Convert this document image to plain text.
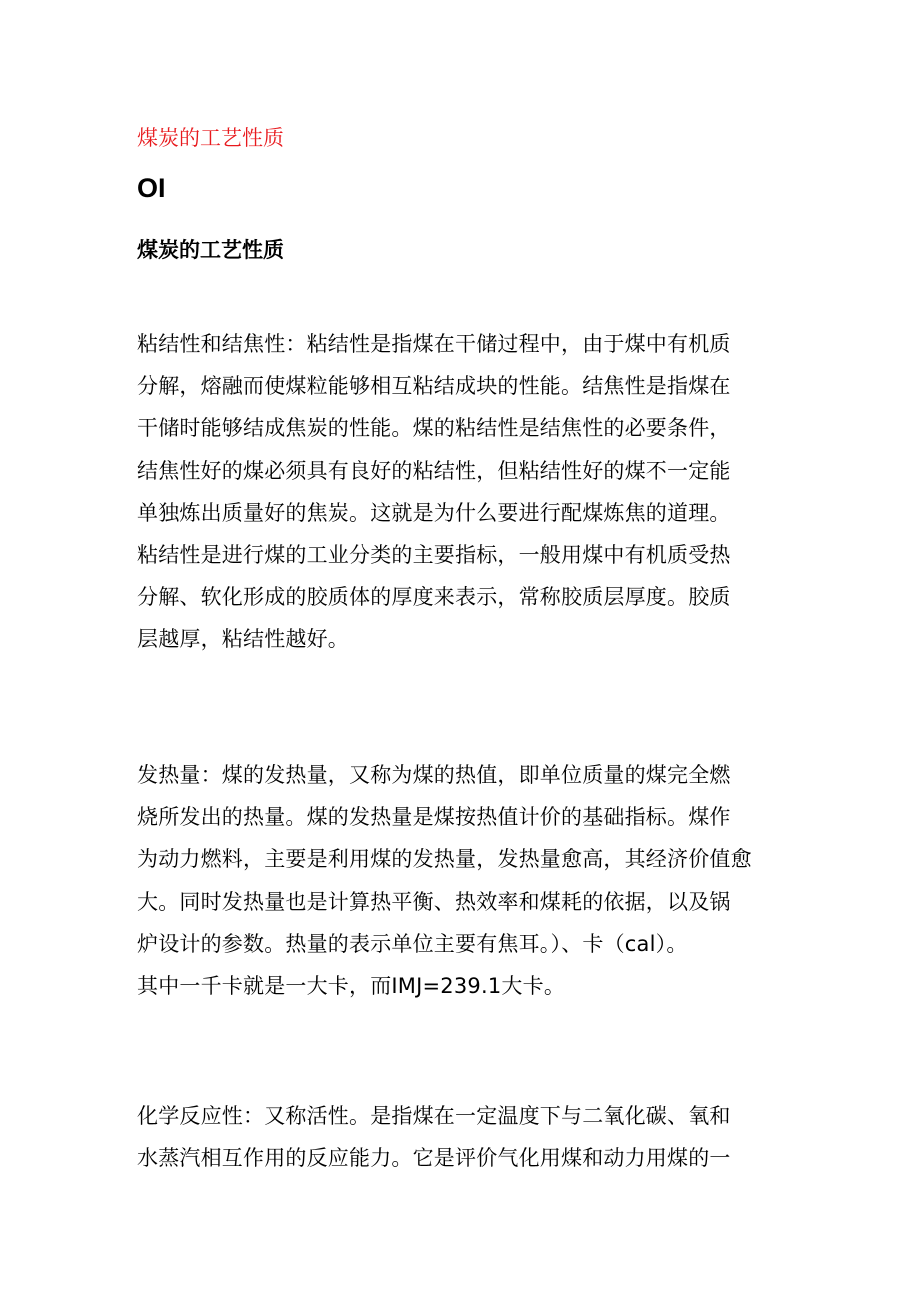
煤炭的工艺性质
OI
煤炭的工艺性质

粘结性和结焦性：粘结性是指煤在干储过程中，由于煤中有机质
分解，熔融而使煤粒能够相互粘结成块的性能。结焦性是指煤在
干储时能够结成焦炭的性能。煤的粘结性是结焦性的必要条件，
结焦性好的煤必须具有良好的粘结性，但粘结性好的煤不一定能
单独炼出质量好的焦炭。这就是为什么要进行配煤炼焦的道理。
粘结性是进行煤的工业分类的主要指标，一般用煤中有机质受热
分解、软化形成的胶质体的厚度来表示，常称胶质层厚度。胶质
层越厚，粘结性越好。

发热量：煤的发热量，又称为煤的热值，即单位质量的煤完全燃
烧所发出的热量。煤的发热量是煤按热值计价的基础指标。煤作
为动力燃料，主要是利用煤的发热量，发热量愈高，其经济价值愈
大。同时发热量也是计算热平衡、热效率和煤耗的依据，以及锅
炉设计的参数。热量的表示单位主要有焦耳。）、卡（cal）。
其中一千卡就是一大卡，而IMJ=239.1大卡。

化学反应性：又称活性。是指煤在一定温度下与二氧化碳、氧和
水蒸汽相互作用的反应能力。它是评价气化用煤和动力用煤的一
